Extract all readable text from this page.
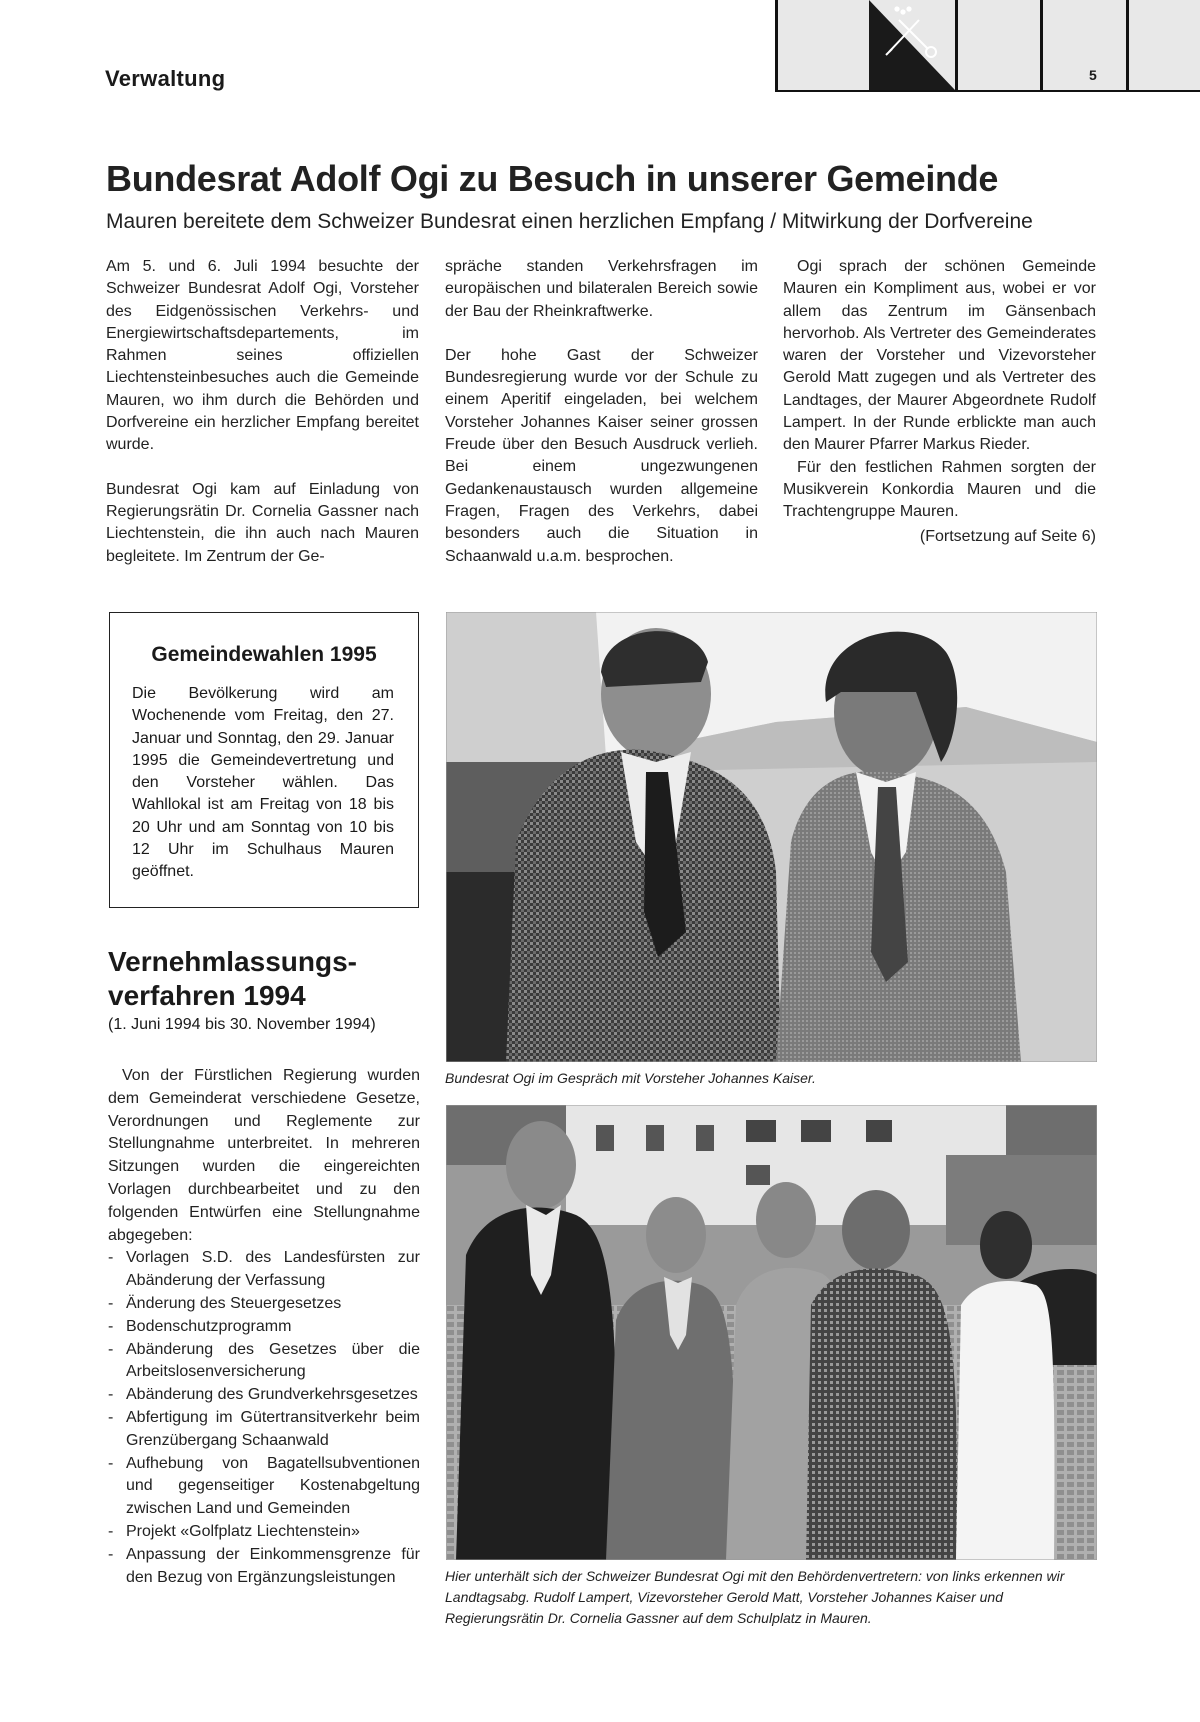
Verwaltung	5
Bundesrat Adolf Ogi zu Besuch in unserer Gemeinde
Mauren bereitete dem Schweizer Bundesrat einen herzlichen Empfang / Mitwirkung der Dorfvereine

Am 5. und 6. Juli 1994 besuchte der Schweizer Bundesrat Adolf Ogi, Vorsteher des Eidgenössischen Verkehrs- und Energiewirtschaftsdepartements, im Rahmen seines offiziellen Liechtensteinbesuches auch die Gemeinde Mauren, wo ihm durch die Behörden und Dorfvereine ein herzlicher Empfang bereitet wurde.

Bundesrat Ogi kam auf Einladung von Regierungsrätin Dr. Cornelia Gassner nach Liechtenstein, die ihn auch nach Mauren begleitete. Im Zentrum der Ge-

spräche standen Verkehrsfragen im europäischen und bilateralen Bereich sowie der Bau der Rheinkraftwerke.

Der hohe Gast der Schweizer Bundesregierung wurde vor der Schule zu einem Aperitif eingeladen, bei welchem Vorsteher Johannes Kaiser seiner grossen Freude über den Besuch Ausdruck verlieh. Bei einem ungezwungenen Gedankenaustausch wurden allgemeine Fragen, Fragen des Verkehrs, dabei besonders auch die Situation in Schaanwald u.a.m. besprochen.

Ogi sprach der schönen Gemeinde Mauren ein Kompliment aus, wobei er vor allem das Zentrum im Gänsenbach hervorhob. Als Vertreter des Gemeinderates waren der Vorsteher und Vizevorsteher Gerold Matt zugegen und als Vertreter des Landtages, der Maurer Abgeordnete Rudolf Lampert. In der Runde erblickte man auch den Maurer Pfarrer Markus Rieder.

Für den festlichen Rahmen sorgten der Musikverein Konkordia Mauren und die Trachtengruppe Mauren.

(Fortsetzung auf Seite 6)
Gemeindewahlen 1995
Die Bevölkerung wird am Wochenende vom Freitag, den 27. Januar und Sonntag, den 29. Januar 1995 die Gemeindevertretung und den Vorsteher wählen. Das Wahllokal ist am Freitag von 18 bis 20 Uhr und am Sonntag von 10 bis 12 Uhr im Schulhaus Mauren geöffnet.
Vernehmlassungs-
verfahren 1994
(1. Juni 1994 bis 30. November 1994)

Von der Fürstlichen Regierung wurden dem Gemeinderat verschiedene Gesetze, Verordnungen und Reglemente zur Stellungnahme unterbreitet. In mehreren Sitzungen wurden die eingereichten Vorlagen durchbearbeitet und zu den folgenden Entwürfen eine Stellungnahme abgegeben:

- Vorlagen S.D. des Landesfürsten zur Abänderung der Verfassung
- Änderung des Steuergesetzes
- Bodenschutzprogramm
- Abänderung des Gesetzes über die Arbeitslosenversicherung
- Abänderung des Grundverkehrsgesetzes
- Abfertigung im Gütertransitverkehr beim Grenzübergang Schaanwald
- Aufhebung von Bagatellsubventionen und gegenseitiger Kostenabgeltung zwischen Land und Gemeinden
- Projekt «Golfplatz Liechtenstein»
- Anpassung der Einkommensgrenze für den Bezug von Ergänzungsleistungen
Bundesrat Ogi im Gespräch mit Vorsteher Johannes Kaiser.
Hier unterhält sich der Schweizer Bundesrat Ogi mit den Behördenvertretern: von links erkennen wir Landtagsabg. Rudolf Lampert, Vizevorsteher Gerold Matt, Vorsteher Johannes Kaiser und Regierungsrätin Dr. Cornelia Gassner auf dem Schulplatz in Mauren.
